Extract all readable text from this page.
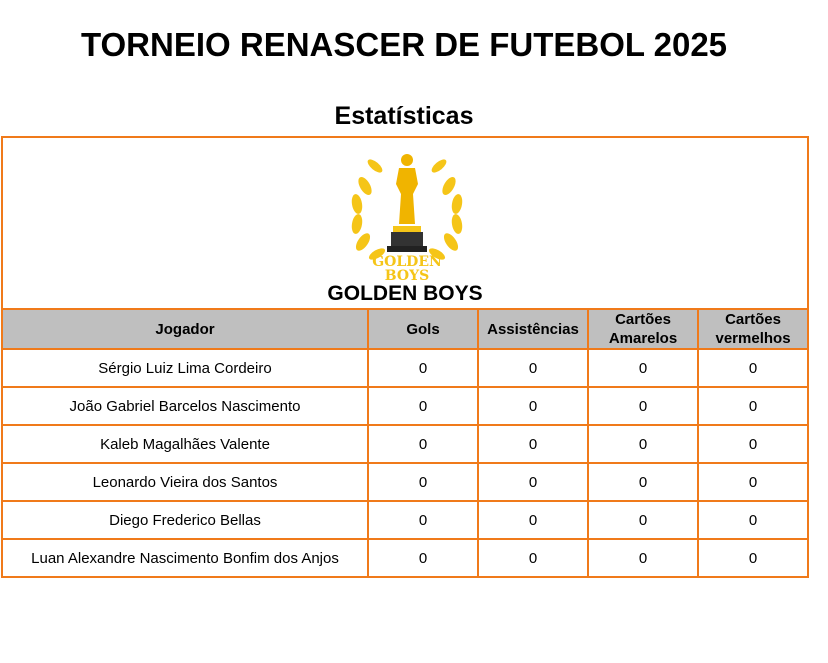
TORNEIO RENASCER DE FUTEBOL 2025
Estatísticas
GOLDEN
BOYS
GOLDEN BOYS				

Jogador	Gols	Assistências	Cartões Amarelos	Cartões vermelhos
Sérgio Luiz Lima Cordeiro	0	0	0	0
João Gabriel Barcelos Nascimento	0	0	0	0
Kaleb Magalhães Valente	0	0	0	0
Leonardo Vieira dos Santos	0	0	0	0
Diego Frederico Bellas	0	0	0	0
Luan Alexandre Nascimento Bonfim dos Anjos	0	0	0	0
